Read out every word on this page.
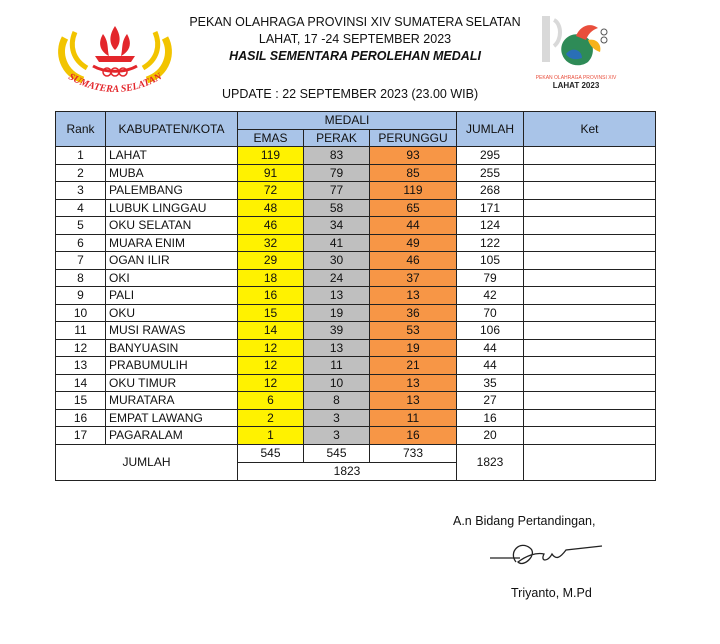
SUMATERA SELATAN
PEKAN OLAHRAGA PROVINSI XIV SUMATERA SELATAN
LAHAT, 17 -24 SEPTEMBER 2023
HASIL SEMENTARA PEROLEHAN MEDALI
PEKAN OLAHRAGA PROVINSI XIV
LAHAT 2023
UPDATE : 22 SEPTEMBER 2023 (23.00 WIB)
Rank	KABUPATEN/KOTA	MEDALI			JUMLAH	Ket
		EMAS	PERAK	PERUNGGU		
1	LAHAT	119	83	93	295	
2	MUBA	91	79	85	255	
3	PALEMBANG	72	77	119	268	
4	LUBUK LINGGAU	48	58	65	171	
5	OKU SELATAN	46	34	44	124	
6	MUARA ENIM	32	41	49	122	
7	OGAN ILIR	29	30	46	105	
8	OKI	18	24	37	79	
9	PALI	16	13	13	42	
10	OKU	15	19	36	70	
11	MUSI RAWAS	14	39	53	106	
12	BANYUASIN	12	13	19	44	
13	PRABUMULIH	12	11	21	44	
14	OKU TIMUR	12	10	13	35	
15	MURATARA	6	8	13	27	
16	EMPAT LAWANG	2	3	11	16	
17	PAGARALAM	1	3	16	20	
JUMLAH		545	545	733	1823	
		1823				
A.n Bidang Pertandingan,
Triyanto, M.Pd
